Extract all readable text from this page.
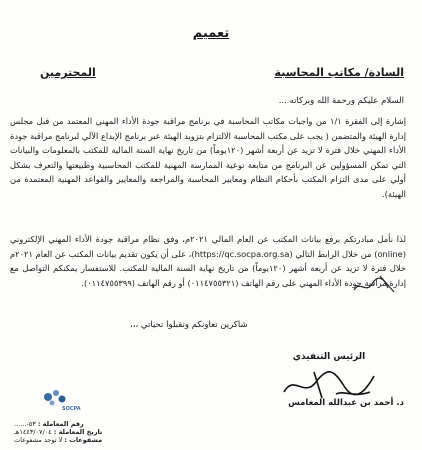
تعميم
السادة/ مكاتب المحاسبة
المحترمين
السلام عليكم ورحمة الله وبركاته ...
إشارة إلى الفقرة ١/١ من واجبات مكاتب المحاسبة في برنامج مراقبة جودة الأداء المهني المعتمد من قبل مجلس إدارة الهيئة والمتضمن ( يجب على مكتب المحاسبة الالتزام بتزويد الهيئة عبر برنامج الإبداع الآلي لبرنامج مراقبة جودة الأداء المهني خلال فترة لا تزيد عن أربعة أشهر (١٢٠يوماً) من تاريخ نهاية السنة المالية للمكتب بالمعلومات والبيانات التي تمكن المسؤولين عن البرنامج من متابعة نوعية الممارسة المهنية للمكتب المحاسبية وطبيعتها والتعرف بشكل أولي على مدى التزام المكتب بأحكام النظام ومعايير المحاسبة والمراجعة والمعايير والقواعد المهنية المعتمدة من الهيئة).
لذا نأمل مبادرتكم برفع بيانات المكتب عن العام المالي ٢٠٢١م، وفق نظام مراقبة جودة الأداء المهني الإلكتروني (online) من خلال الرابط التالي (https://qc.socpa.org.sa)، على أن يكون تقديم بيانات المكتب عن العام ٢٠٢١م خلال فترة لا تزيد عن أربعة أشهر (١٢٠يوماً) من تاريخ نهاية السنة المالية للمكتب. للاستفسار يمكنكم التواصل مع إدارة مراقبة جودة الأداء المهني على رقم الهاتف (٠١١٤٧٥٥٣٢١) أو رقم الهاتف (٠١١٤٧٥٥٣٩٩).
شاكرين تعاونكم وتقبلوا تحياتي ،،،
الرئيس التنفيذي
د. أحمد بن عبدالله المغامس
SOCPA
رقم المعاملة : ٥٣-......
تاريخ المعاملة : ١٤٤٣/٠٧/٠٤هـ
مشفوعات : لا توجد مشفوعات
